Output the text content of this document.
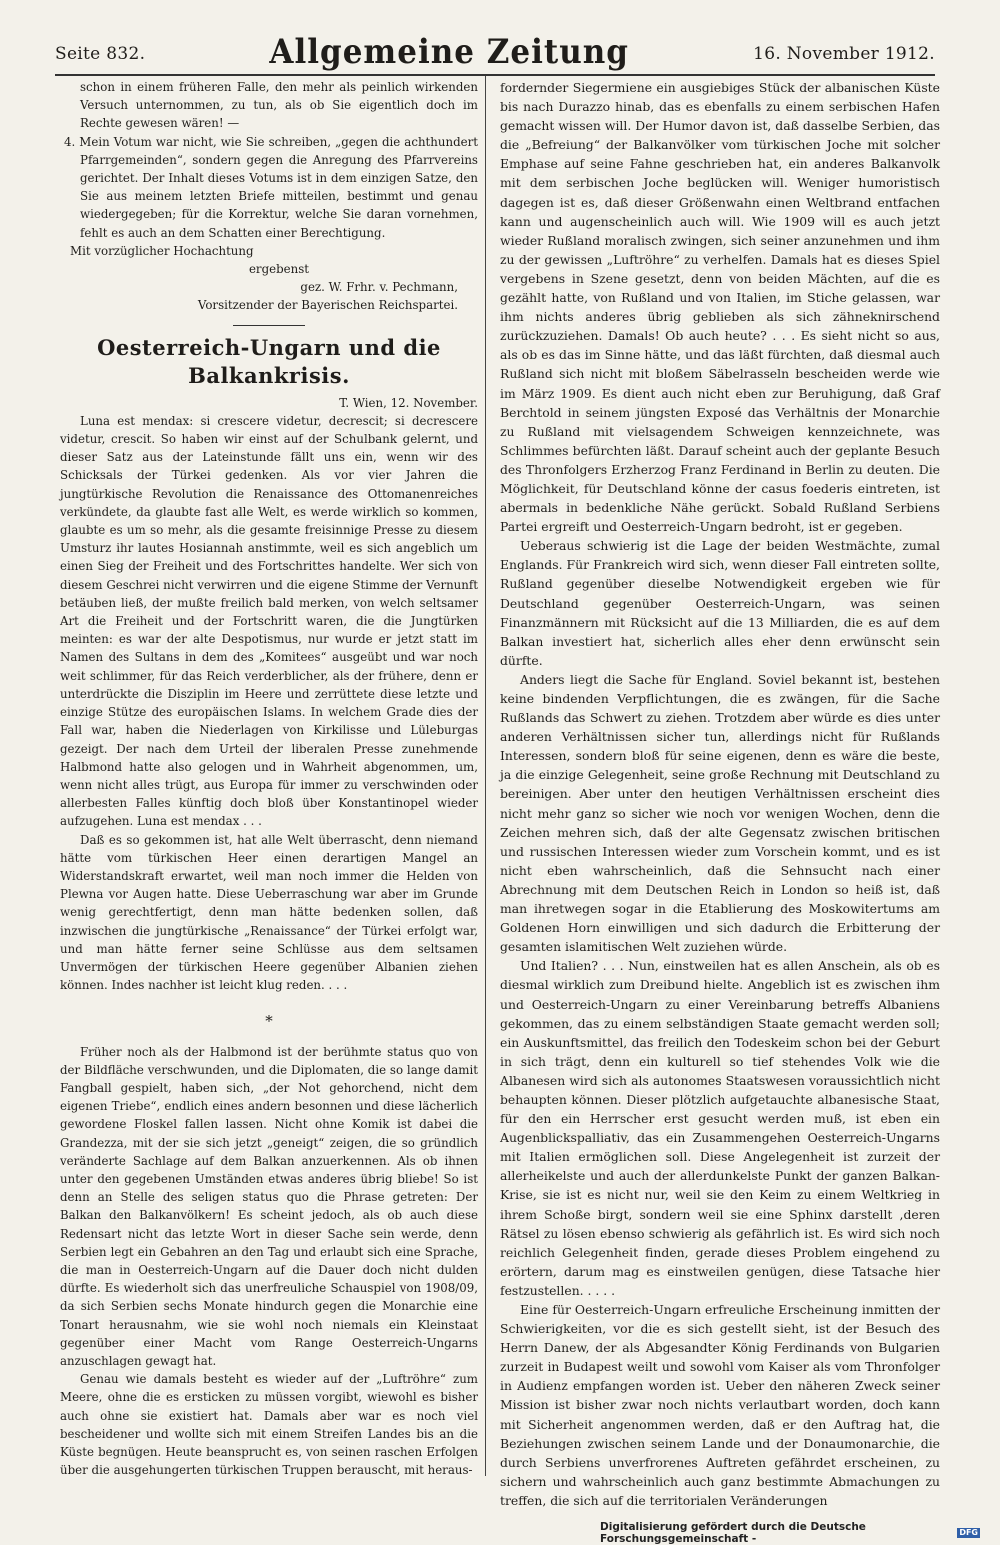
Seite 832.	Allgemeine Zeitung	16. November 1912.

schon in einem früheren Falle, den mehr als peinlich wirkenden Versuch unternommen, zu tun, als ob Sie eigentlich doch im Rechte gewesen wären! —

4. Mein Votum war nicht, wie Sie schreiben, „gegen die achthundert Pfarrgemeinden“, sondern gegen die Anregung des Pfarrvereins gerichtet. Der Inhalt dieses Votums ist in dem einzigen Satze, den Sie aus meinem letzten Briefe mitteilen, bestimmt und genau wiedergegeben; für die Korrektur, welche Sie daran vornehmen, fehlt es auch an dem Schatten einer Berechtigung.

Mit vorzüglicher Hochachtung

ergebenst

gez. W. Frhr. v. Pechmann,

Vorsitzender der Bayerischen Reichspartei.

Oesterreich-Ungarn und die Balkankrisis.

T. Wien, 12. November.

Luna est mendax: si crescere videtur, decrescit; si decrescere videtur, crescit. So haben wir einst auf der Schulbank gelernt, und dieser Satz aus der Lateinstunde fällt uns ein, wenn wir des Schicksals der Türkei gedenken. Als vor vier Jahren die jungtürkische Revolution die Renaissance des Ottomanenreiches verkündete, da glaubte fast alle Welt, es werde wirklich so kommen, glaubte es um so mehr, als die gesamte freisinnige Presse zu diesem Umsturz ihr lautes Hosiannah anstimmte, weil es sich angeblich um einen Sieg der Freiheit und des Fortschrittes handelte. Wer sich von diesem Geschrei nicht verwirren und die eigene Stimme der Vernunft betäuben ließ, der mußte freilich bald merken, von welch seltsamer Art die Freiheit und der Fortschritt waren, die die Jungtürken meinten: es war der alte Despotismus, nur wurde er jetzt statt im Namen des Sultans in dem des „Komitees“ ausgeübt und war noch weit schlimmer, für das Reich verderblicher, als der frühere, denn er unterdrückte die Disziplin im Heere und zerrüttete diese letzte und einzige Stütze des europäischen Islams. In welchem Grade dies der Fall war, haben die Niederlagen von Kirkilisse und Lüleburgas gezeigt. Der nach dem Urteil der liberalen Presse zunehmende Halbmond hatte also gelogen und in Wahrheit abgenommen, um, wenn nicht alles trügt, aus Europa für immer zu verschwinden oder allerbesten Falles künftig doch bloß über Konstantinopel wieder aufzugehen. Luna est mendax . . .

Daß es so gekommen ist, hat alle Welt überrascht, denn niemand hätte vom türkischen Heer einen derartigen Mangel an Widerstandskraft erwartet, weil man noch immer die Helden von Plewna vor Augen hatte. Diese Ueberraschung war aber im Grunde wenig gerechtfertigt, denn man hätte bedenken sollen, daß inzwischen die jungtürkische „Renaissance“ der Türkei erfolgt war, und man hätte ferner seine Schlüsse aus dem seltsamen Unvermögen der türkischen Heere gegenüber Albanien ziehen können. Indes nachher ist leicht klug reden. . . .

*

Früher noch als der Halbmond ist der berühmte status quo von der Bildfläche verschwunden, und die Diplomaten, die so lange damit Fangball gespielt, haben sich, „der Not gehorchend, nicht dem eigenen Triebe“, endlich eines andern besonnen und diese lächerlich gewordene Floskel fallen lassen. Nicht ohne Komik ist dabei die Grandezza, mit der sie sich jetzt „geneigt“ zeigen, die so gründlich veränderte Sachlage auf dem Balkan anzuerkennen. Als ob ihnen unter den gegebenen Umständen etwas anderes übrig bliebe! So ist denn an Stelle des seligen status quo die Phrase getreten: Der Balkan den Balkanvölkern! Es scheint jedoch, als ob auch diese Redensart nicht das letzte Wort in dieser Sache sein werde, denn Serbien legt ein Gebahren an den Tag und erlaubt sich eine Sprache, die man in Oesterreich-Ungarn auf die Dauer doch nicht dulden dürfte. Es wiederholt sich das unerfreuliche Schauspiel von 1908/09, da sich Serbien sechs Monate hindurch gegen die Monarchie eine Tonart herausnahm, wie sie wohl noch niemals ein Kleinstaat gegenüber einer Macht vom Range Oesterreich-Ungarns anzuschlagen gewagt hat.

Genau wie damals besteht es wieder auf der „Luftröhre“ zum Meere, ohne die es ersticken zu müssen vorgibt, wiewohl es bisher auch ohne sie existiert hat. Damals aber war es noch viel bescheidener und wollte sich mit einem Streifen Landes bis an die Küste begnügen. Heute beansprucht es, von seinen raschen Erfolgen über die ausgehungerten türkischen Truppen berauscht, mit heraus-

fordernder Siegermiene ein ausgiebiges Stück der albanischen Küste bis nach Durazzo hinab, das es ebenfalls zu einem serbischen Hafen gemacht wissen will. Der Humor davon ist, daß dasselbe Serbien, das die „Befreiung“ der Balkanvölker vom türkischen Joche mit solcher Emphase auf seine Fahne geschrieben hat, ein anderes Balkanvolk mit dem serbischen Joche beglücken will. Weniger humoristisch dagegen ist es, daß dieser Größenwahn einen Weltbrand entfachen kann und augenscheinlich auch will. Wie 1909 will es auch jetzt wieder Rußland moralisch zwingen, sich seiner anzunehmen und ihm zu der gewissen „Luftröhre“ zu verhelfen. Damals hat es dieses Spiel vergebens in Szene gesetzt, denn von beiden Mächten, auf die es gezählt hatte, von Rußland und von Italien, im Stiche gelassen, war ihm nichts anderes übrig geblieben als sich zähneknirschend zurückzuziehen. Damals! Ob auch heute? . . . Es sieht nicht so aus, als ob es das im Sinne hätte, und das läßt fürchten, daß diesmal auch Rußland sich nicht mit bloßem Säbelrasseln bescheiden werde wie im März 1909. Es dient auch nicht eben zur Beruhigung, daß Graf Berchtold in seinem jüngsten Exposé das Verhältnis der Monarchie zu Rußland mit vielsagendem Schweigen kennzeichnete, was Schlimmes befürchten läßt. Darauf scheint auch der geplante Besuch des Thronfolgers Erzherzog Franz Ferdinand in Berlin zu deuten. Die Möglichkeit, für Deutschland könne der casus foederis eintreten, ist abermals in bedenkliche Nähe gerückt. Sobald Rußland Serbiens Partei ergreift und Oesterreich-Ungarn bedroht, ist er gegeben.

Ueberaus schwierig ist die Lage der beiden Westmächte, zumal Englands. Für Frankreich wird sich, wenn dieser Fall eintreten sollte, Rußland gegenüber dieselbe Notwendigkeit ergeben wie für Deutschland gegenüber Oesterreich-Ungarn, was seinen Finanzmännern mit Rücksicht auf die 13 Milliarden, die es auf dem Balkan investiert hat, sicherlich alles eher denn erwünscht sein dürfte.

Anders liegt die Sache für England. Soviel bekannt ist, bestehen keine bindenden Verpflichtungen, die es zwängen, für die Sache Rußlands das Schwert zu ziehen. Trotzdem aber würde es dies unter anderen Verhältnissen sicher tun, allerdings nicht für Rußlands Interessen, sondern bloß für seine eigenen, denn es wäre die beste, ja die einzige Gelegenheit, seine große Rechnung mit Deutschland zu bereinigen. Aber unter den heutigen Verhältnissen erscheint dies nicht mehr ganz so sicher wie noch vor wenigen Wochen, denn die Zeichen mehren sich, daß der alte Gegensatz zwischen britischen und russischen Interessen wieder zum Vorschein kommt, und es ist nicht eben wahrscheinlich, daß die Sehnsucht nach einer Abrechnung mit dem Deutschen Reich in London so heiß ist, daß man ihretwegen sogar in die Etablierung des Moskowitertums am Goldenen Horn einwilligen und sich dadurch die Erbitterung der gesamten islamitischen Welt zuziehen würde.

Und Italien? . . . Nun, einstweilen hat es allen Anschein, als ob es diesmal wirklich zum Dreibund hielte. Angeblich ist es zwischen ihm und Oesterreich-Ungarn zu einer Vereinbarung betreffs Albaniens gekommen, das zu einem selbständigen Staate gemacht werden soll; ein Auskunftsmittel, das freilich den Todeskeim schon bei der Geburt in sich trägt, denn ein kulturell so tief stehendes Volk wie die Albanesen wird sich als autonomes Staatswesen voraussichtlich nicht behaupten können. Dieser plötzlich aufgetauchte albanesische Staat, für den ein Herrscher erst gesucht werden muß, ist eben ein Augenblickspalliativ, das ein Zusammengehen Oesterreich-Ungarns mit Italien ermöglichen soll. Diese Angelegenheit ist zurzeit der allerheikelste und auch der allerdunkelste Punkt der ganzen Balkan-Krise, sie ist es nicht nur, weil sie den Keim zu einem Weltkrieg in ihrem Schoße birgt, sondern weil sie eine Sphinx darstellt ,deren Rätsel zu lösen ebenso schwierig als gefährlich ist. Es wird sich noch reichlich Gelegenheit finden, gerade dieses Problem eingehend zu erörtern, darum mag es einstweilen genügen, diese Tatsache hier festzustellen. . . . .

Eine für Oesterreich-Ungarn erfreuliche Erscheinung inmitten der Schwierigkeiten, vor die es sich gestellt sieht, ist der Besuch des Herrn Danew, der als Abgesandter König Ferdinands von Bulgarien zurzeit in Budapest weilt und sowohl vom Kaiser als vom Thronfolger in Audienz empfangen worden ist. Ueber den näheren Zweck seiner Mission ist bisher zwar noch nichts verlautbart worden, doch kann mit Sicherheit angenommen werden, daß er den Auftrag hat, die Beziehungen zwischen seinem Lande und der Donaumonarchie, die durch Serbiens unverfrorenes Auftreten gefährdet erscheinen, zu sichern und wahrscheinlich auch ganz bestimmte Abmachungen zu treffen, die sich auf die territorialen Veränderungen

Digitalisierung gefördert durch die Deutsche Forschungsgemeinschaft -
DFG
